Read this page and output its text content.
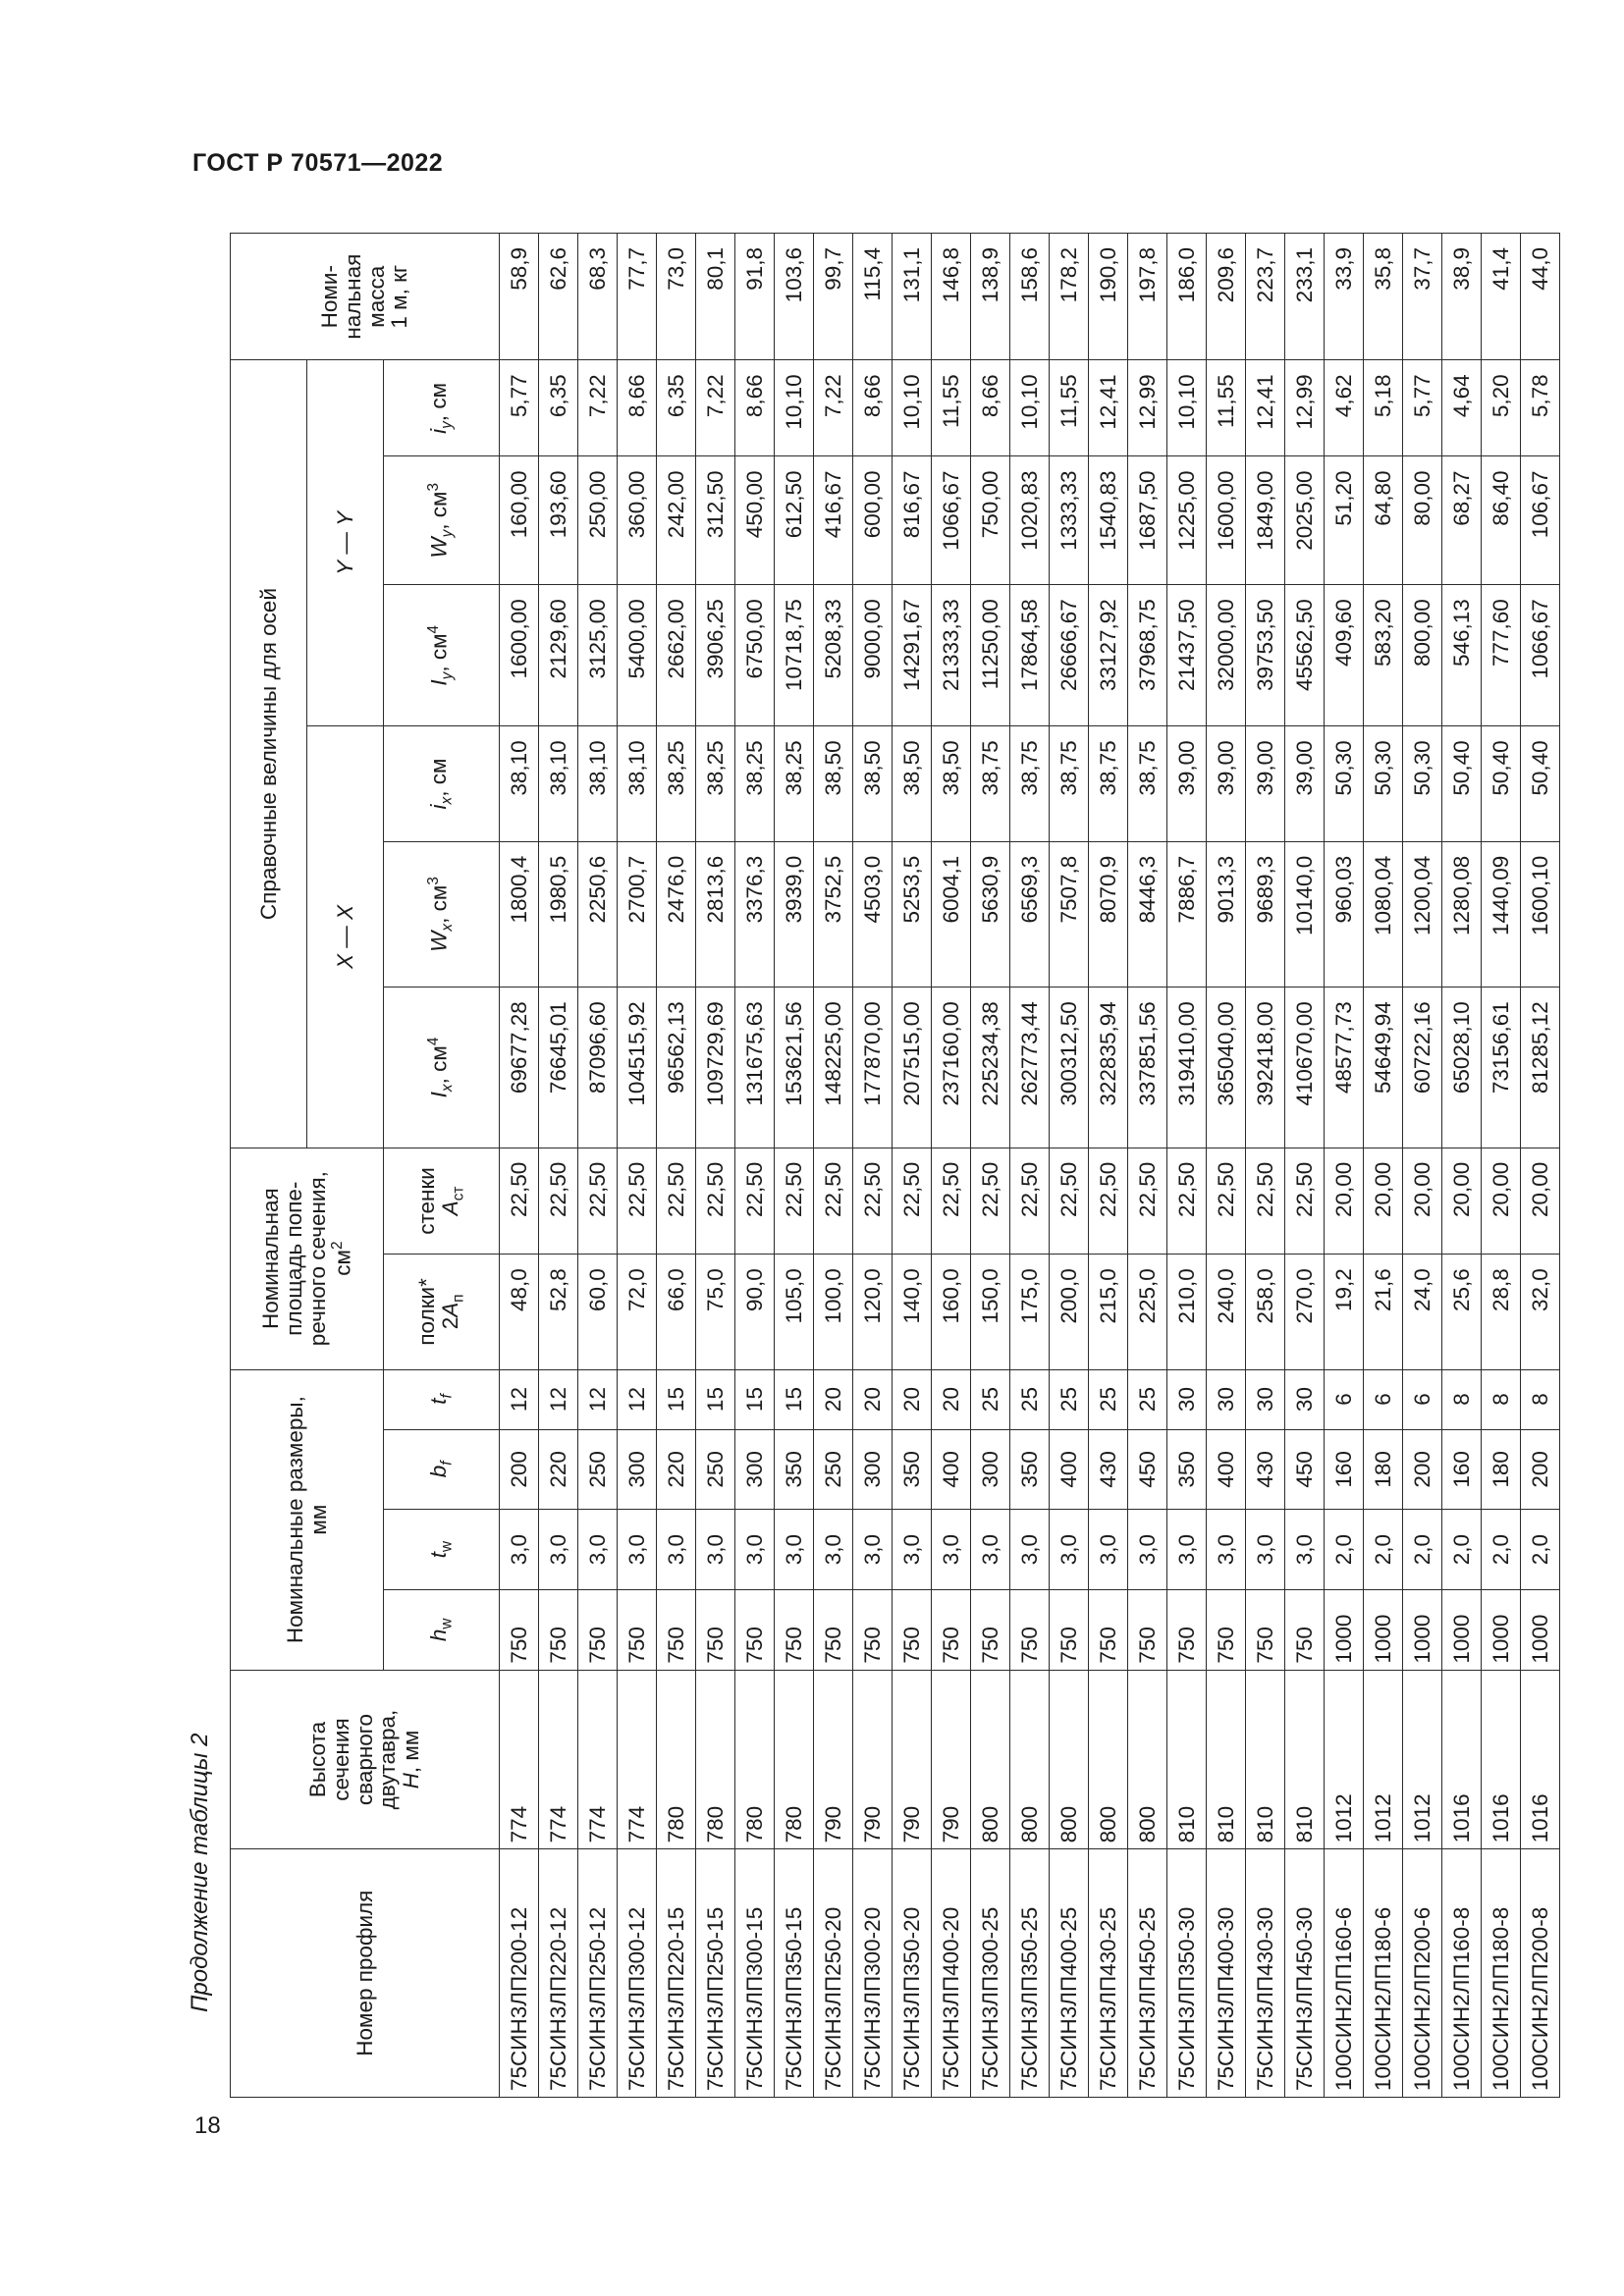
ГОСТ Р 70571—2022
18
Продолжение таблицы 2	Номер профиля	Высота
сечения
сварного
двутавра,
H, мм	Номинальные размеры,
мм				Номинальная
площадь попе-
речного сечения,
$см^2$		Справочные величины для осей						Номи-
нальная
масса
1 м, кг
								X — X			Y — Y			
		$h_w$	$t_w$	$b_f$	$t_f$	полки*
$2A_п$	стенки
$A_{ст}$	$I_x$, $см^4$	$W_x$, $см^3$	$i_x$, см	$I_y$, $см^4$	$W_y$, $см^3$	$i_y$, см	
75СИН3ЛП200-12	774	750	3,0	200	12	48,0	22,50	69677,28	1800,4	38,10	1600,00	160,00	5,77	58,9
75СИН3ЛП220-12	774	750	3,0	220	12	52,8	22,50	76645,01	1980,5	38,10	2129,60	193,60	6,35	62,6
75СИН3ЛП250-12	774	750	3,0	250	12	60,0	22,50	87096,60	2250,6	38,10	3125,00	250,00	7,22	68,3
75СИН3ЛП300-12	774	750	3,0	300	12	72,0	22,50	104515,92	2700,7	38,10	5400,00	360,00	8,66	77,7
75СИН3ЛП220-15	780	750	3,0	220	15	66,0	22,50	96562,13	2476,0	38,25	2662,00	242,00	6,35	73,0
75СИН3ЛП250-15	780	750	3,0	250	15	75,0	22,50	109729,69	2813,6	38,25	3906,25	312,50	7,22	80,1
75СИН3ЛП300-15	780	750	3,0	300	15	90,0	22,50	131675,63	3376,3	38,25	6750,00	450,00	8,66	91,8
75СИН3ЛП350-15	780	750	3,0	350	15	105,0	22,50	153621,56	3939,0	38,25	10718,75	612,50	10,10	103,6
75СИН3ЛП250-20	790	750	3,0	250	20	100,0	22,50	148225,00	3752,5	38,50	5208,33	416,67	7,22	99,7
75СИН3ЛП300-20	790	750	3,0	300	20	120,0	22,50	177870,00	4503,0	38,50	9000,00	600,00	8,66	115,4
75СИН3ЛП350-20	790	750	3,0	350	20	140,0	22,50	207515,00	5253,5	38,50	14291,67	816,67	10,10	131,1
75СИН3ЛП400-20	790	750	3,0	400	20	160,0	22,50	237160,00	6004,1	38,50	21333,33	1066,67	11,55	146,8
75СИН3ЛП300-25	800	750	3,0	300	25	150,0	22,50	225234,38	5630,9	38,75	11250,00	750,00	8,66	138,9
75СИН3ЛП350-25	800	750	3,0	350	25	175,0	22,50	262773,44	6569,3	38,75	17864,58	1020,83	10,10	158,6
75СИН3ЛП400-25	800	750	3,0	400	25	200,0	22,50	300312,50	7507,8	38,75	26666,67	1333,33	11,55	178,2
75СИН3ЛП430-25	800	750	3,0	430	25	215,0	22,50	322835,94	8070,9	38,75	33127,92	1540,83	12,41	190,0
75СИН3ЛП450-25	800	750	3,0	450	25	225,0	22,50	337851,56	8446,3	38,75	37968,75	1687,50	12,99	197,8
75СИН3ЛП350-30	810	750	3,0	350	30	210,0	22,50	319410,00	7886,7	39,00	21437,50	1225,00	10,10	186,0
75СИН3ЛП400-30	810	750	3,0	400	30	240,0	22,50	365040,00	9013,3	39,00	32000,00	1600,00	11,55	209,6
75СИН3ЛП430-30	810	750	3,0	430	30	258,0	22,50	392418,00	9689,3	39,00	39753,50	1849,00	12,41	223,7
75СИН3ЛП450-30	810	750	3,0	450	30	270,0	22,50	410670,00	10140,0	39,00	45562,50	2025,00	12,99	233,1
100СИН2ЛП160-6	1012	1000	2,0	160	6	19,2	20,00	48577,73	960,03	50,30	409,60	51,20	4,62	33,9
100СИН2ЛП180-6	1012	1000	2,0	180	6	21,6	20,00	54649,94	1080,04	50,30	583,20	64,80	5,18	35,8
100СИН2ЛП200-6	1012	1000	2,0	200	6	24,0	20,00	60722,16	1200,04	50,30	800,00	80,00	5,77	37,7
100СИН2ЛП160-8	1016	1000	2,0	160	8	25,6	20,00	65028,10	1280,08	50,40	546,13	68,27	4,64	38,9
100СИН2ЛП180-8	1016	1000	2,0	180	8	28,8	20,00	73156,61	1440,09	50,40	777,60	86,40	5,20	41,4
100СИН2ЛП200-8	1016	1000	2,0	200	8	32,0	20,00	81285,12	1600,10	50,40	1066,67	106,67	5,78	44,0
